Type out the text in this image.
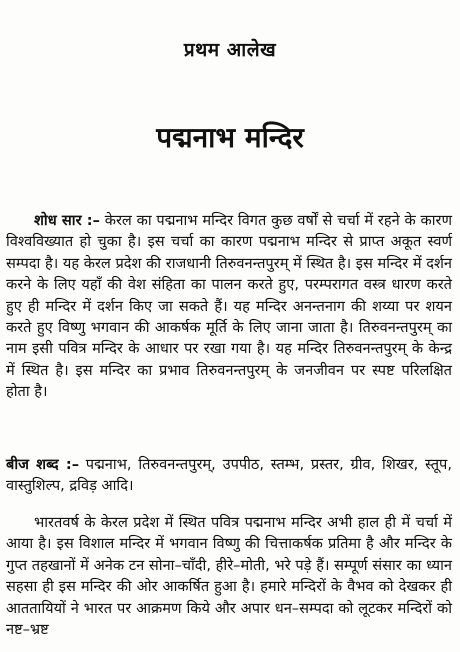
प्रथम आलेख
पद्मनाभ मन्दिर
शोध सार :– केरल का पद्मनाभ मन्दिर विगत कुछ वर्षों से चर्चा में रहने के कारण विश्वविख्यात हो चुका है। इस चर्चा का कारण पद्मनाभ मन्दिर से प्राप्त अकूत स्वर्ण सम्पदा है। यह केरल प्रदेश की राजधानी तिरुवनन्तपुरम् में स्थित है। इस मन्दिर में दर्शन करने के लिए यहाँ की वेश संहिता का पालन करते हुए, परम्परागत वस्त्र धारण करते हुए ही मन्दिर में दर्शन किए जा सकते हैं। यह मन्दिर अनन्तनाग की शय्या पर शयन करते हुए विष्णु भगवान की आकर्षक मूर्ति के लिए जाना जाता है। तिरुवनन्तपुरम् का नाम इसी पवित्र मन्दिर के आधार पर रखा गया है। यह मन्दिर तिरुवनन्तपुरम् के केन्द्र में स्थित है। इस मन्दिर का प्रभाव तिरुवनन्तपुरम् के जनजीवन पर स्पष्ट परिलक्षित होता है।
बीज शब्द :– पद्मनाभ, तिरुवनन्तपुरम्, उपपीठ, स्तम्भ, प्रस्तर, ग्रीव, शिखर, स्तूप, वास्तुशिल्प, द्रविड़ आदि।
भारतवर्ष के केरल प्रदेश में स्थित पवित्र पद्मनाभ मन्दिर अभी हाल ही में चर्चा में आया है। इस विशाल मन्दिर में भगवान विष्णु की चित्ताकर्षक प्रतिमा है और मन्दिर के गुप्त तहखानों में अनेक टन सोना–चाँदी, हीरे–मोती, भरे पड़े हैं। सम्पूर्ण संसार का ध्यान सहसा ही इस मन्दिर की ओर आकर्षित हुआ है। हमारे मन्दिरों के वैभव को देखकर ही आततायियों ने भारत पर आक्रमण किये और अपार धन–सम्पदा को लूटकर मन्दिरों को नष्ट–भ्रष्ट
